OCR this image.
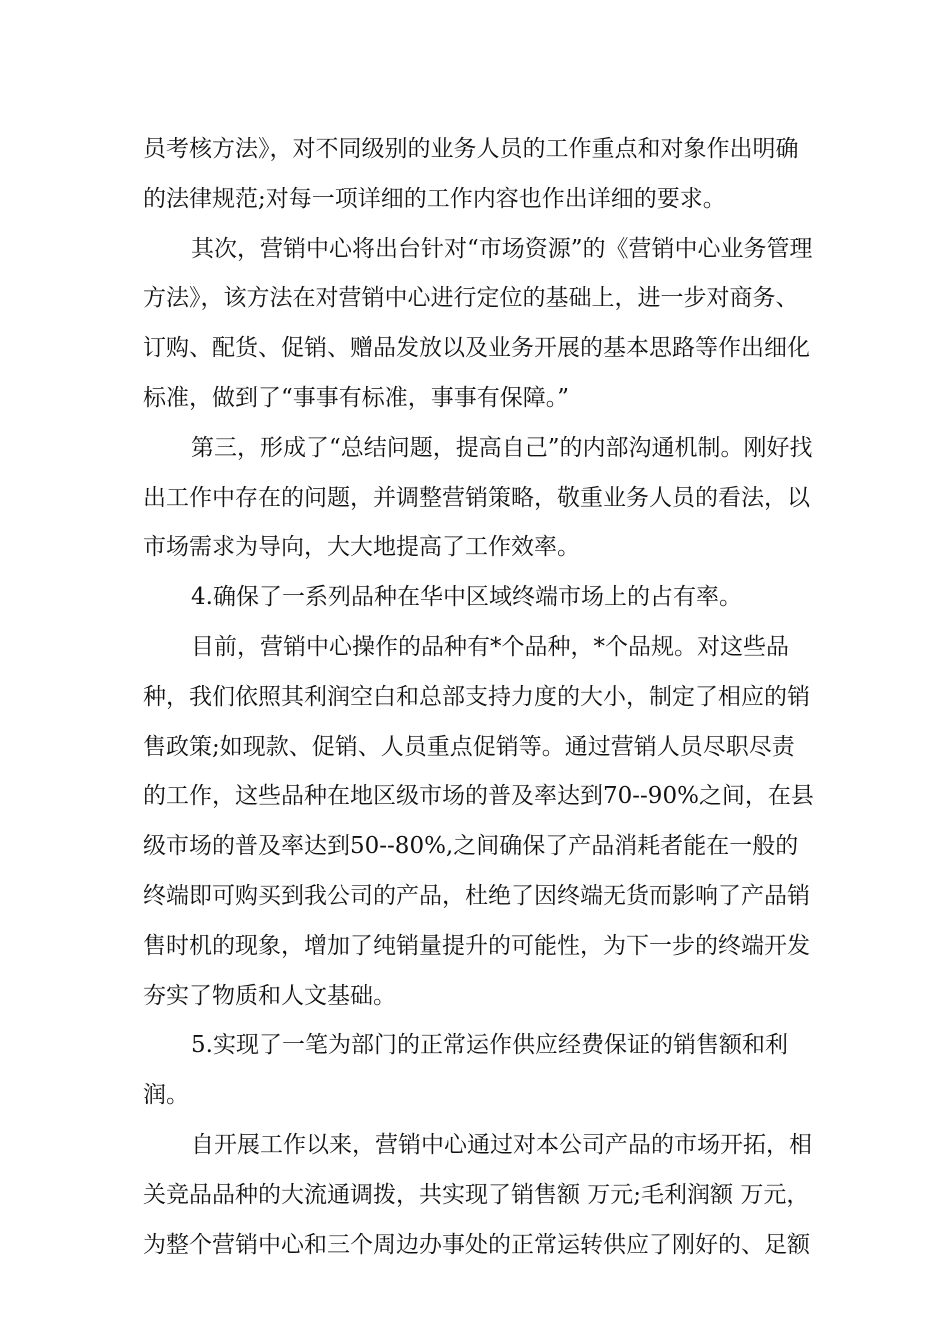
员考核方法》，对不同级别的业务人员的工作重点和对象作出明确的法律规范;对每一项详细的工作内容也作出详细的要求。

其次，营销中心将出台针对“市场资源”的《营销中心业务管理方法》，该方法在对营销中心进行定位的基础上，进一步对商务、订购、配货、促销、赠品发放以及业务开展的基本思路等作出细化标准，做到了“事事有标准，事事有保障。”

第三，形成了“总结问题，提高自己”的内部沟通机制。刚好找出工作中存在的问题，并调整营销策略，敬重业务人员的看法，以市场需求为导向，大大地提高了工作效率。

4.确保了一系列品种在华中区域终端市场上的占有率。

目前，营销中心操作的品种有*个品种，*个品规。对这些品种，我们依照其利润空白和总部支持力度的大小，制定了相应的销售政策;如现款、促销、人员重点促销等。通过营销人员尽职尽责的工作，这些品种在地区级市场的普及率达到70--90%之间，在县级市场的普及率达到50--80%,之间确保了产品消耗者能在一般的终端即可购买到我公司的产品，杜绝了因终端无货而影响了产品销售时机的现象，增加了纯销量提升的可能性，为下一步的终端开发夯实了物质和人文基础。

5.实现了一笔为部门的正常运作供应经费保证的销售额和利润。

自开展工作以来，营销中心通过对本公司产品的市场开拓，相关竞品品种的大流通调拨，共实现了销售额 万元;毛利润额 万元，为整个营销中心和三个周边办事处的正常运转供应了刚好的、足额
